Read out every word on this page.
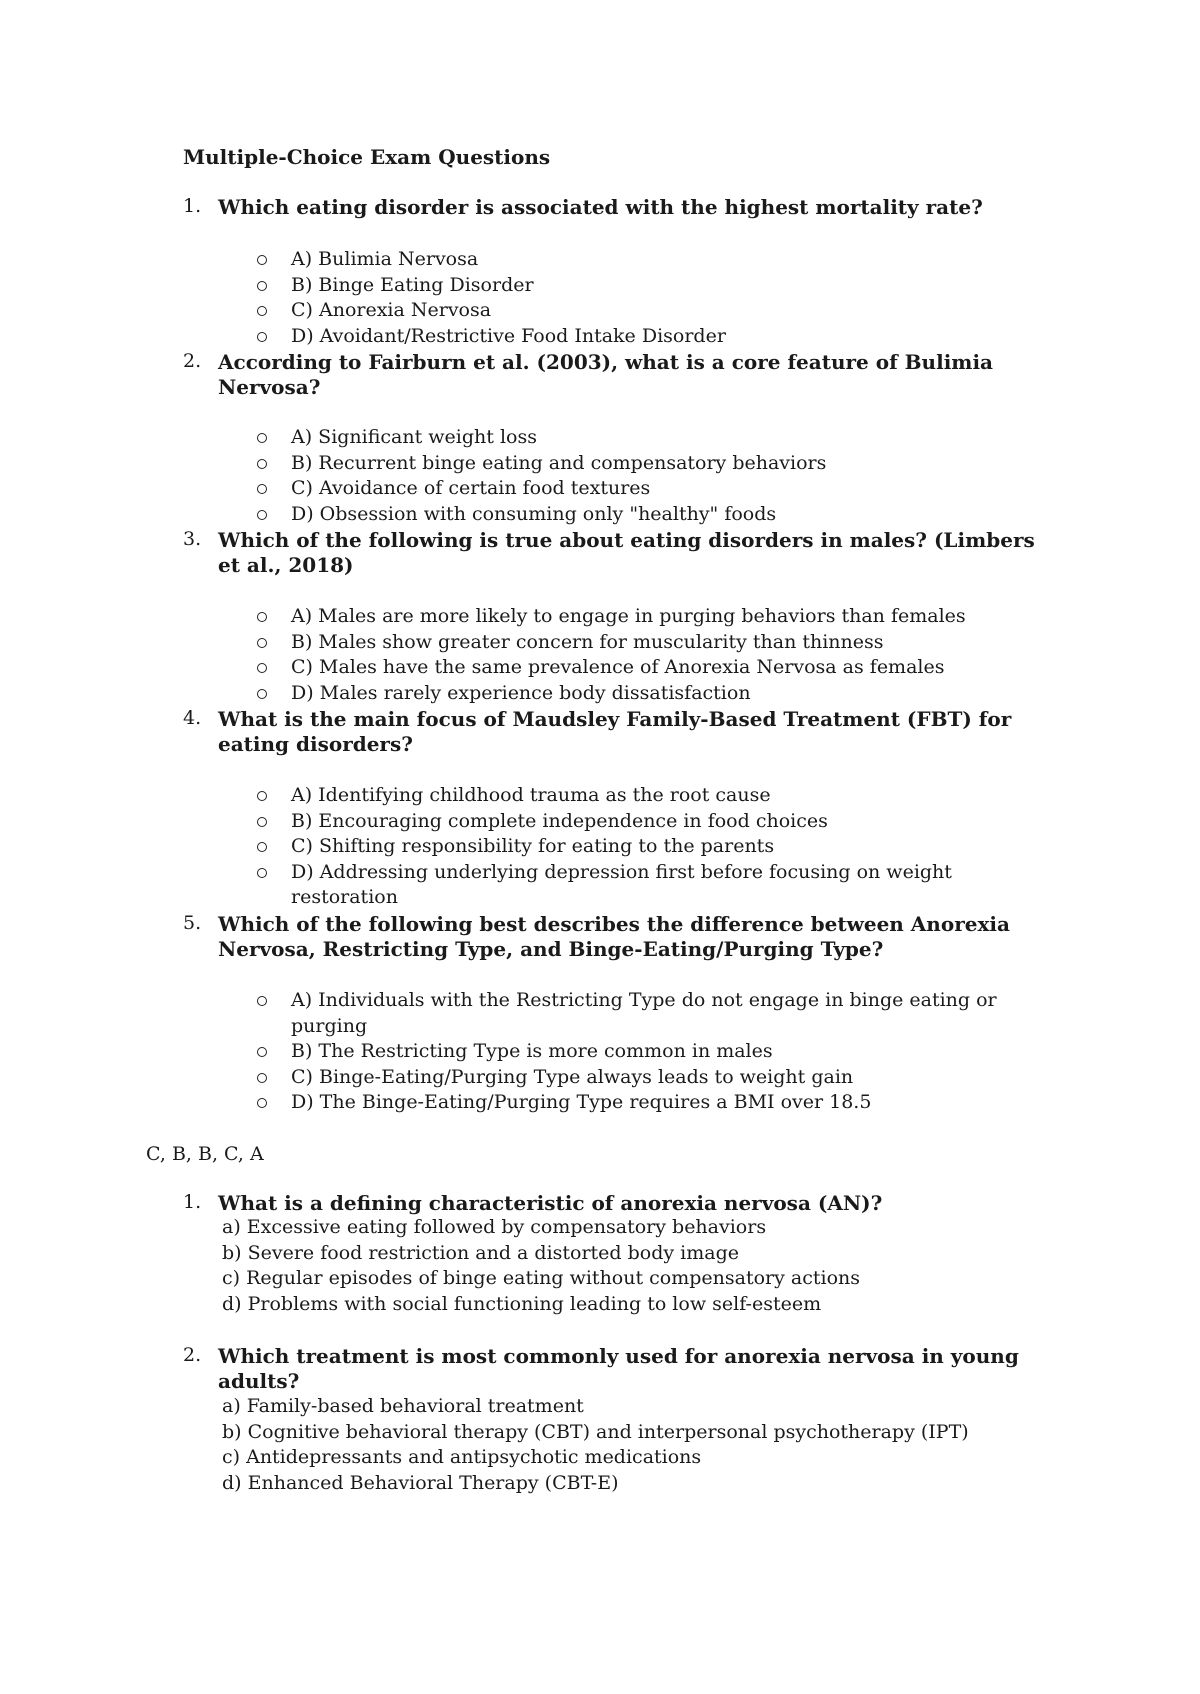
Multiple-Choice Exam Questions
1. Which eating disorder is associated with the highest mortality rate?
A) Bulimia Nervosa
B) Binge Eating Disorder
C) Anorexia Nervosa
D) Avoidant/Restrictive Food Intake Disorder
2. According to Fairburn et al. (2003), what is a core feature of Bulimia Nervosa?
A) Significant weight loss
B) Recurrent binge eating and compensatory behaviors
C) Avoidance of certain food textures
D) Obsession with consuming only "healthy" foods
3. Which of the following is true about eating disorders in males? (Limbers et al., 2018)
A) Males are more likely to engage in purging behaviors than females
B) Males show greater concern for muscularity than thinness
C) Males have the same prevalence of Anorexia Nervosa as females
D) Males rarely experience body dissatisfaction
4. What is the main focus of Maudsley Family-Based Treatment (FBT) for eating disorders?
A) Identifying childhood trauma as the root cause
B) Encouraging complete independence in food choices
C) Shifting responsibility for eating to the parents
D) Addressing underlying depression first before focusing on weight restoration
5. Which of the following best describes the difference between Anorexia Nervosa, Restricting Type, and Binge-Eating/Purging Type?
A) Individuals with the Restricting Type do not engage in binge eating or purging
B) The Restricting Type is more common in males
C) Binge-Eating/Purging Type always leads to weight gain
D) The Binge-Eating/Purging Type requires a BMI over 18.5
C, B, B, C, A
1. What is a defining characteristic of anorexia nervosa (AN)?
a) Excessive eating followed by compensatory behaviors
b) Severe food restriction and a distorted body image
c) Regular episodes of binge eating without compensatory actions
d) Problems with social functioning leading to low self-esteem
2. Which treatment is most commonly used for anorexia nervosa in young adults?
a) Family-based behavioral treatment
b) Cognitive behavioral therapy (CBT) and interpersonal psychotherapy (IPT)
c) Antidepressants and antipsychotic medications
d) Enhanced Behavioral Therapy (CBT-E)
